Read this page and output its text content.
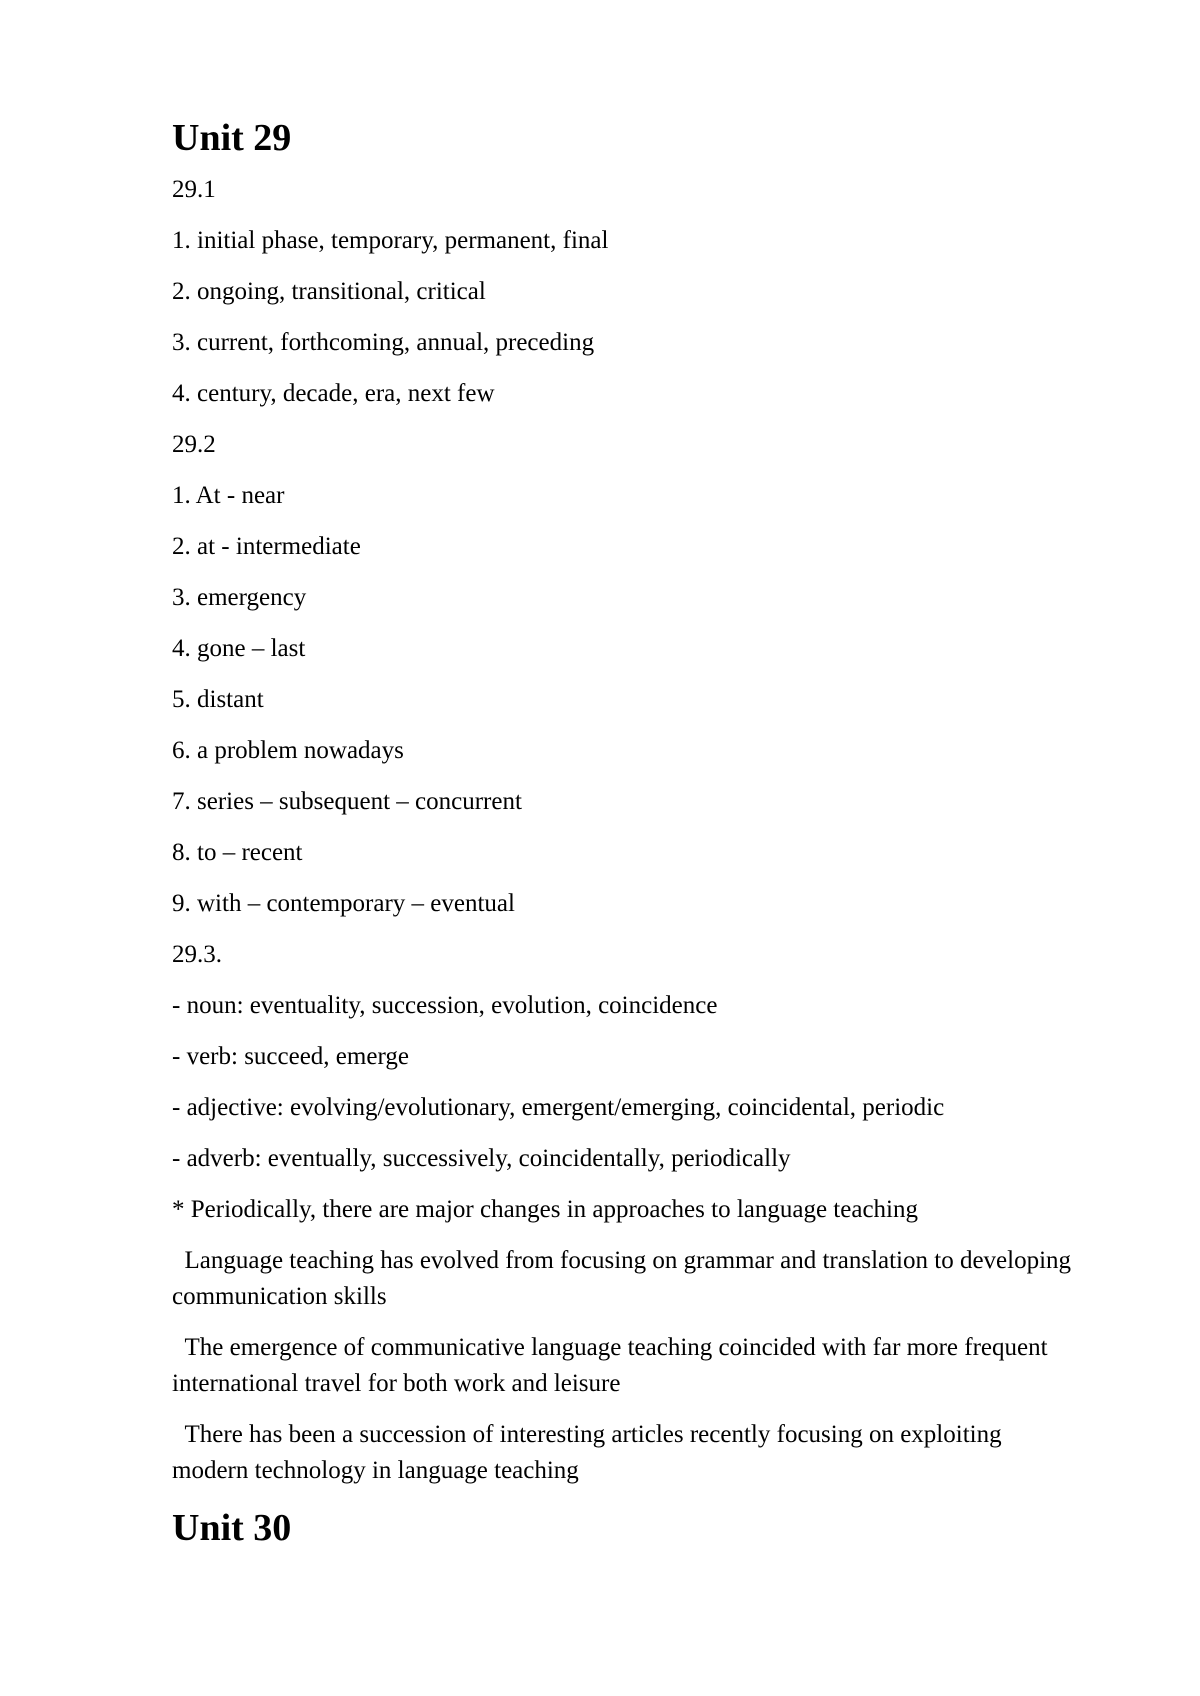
Unit 29
29.1
1. initial phase, temporary, permanent, final
2. ongoing, transitional, critical
3. current, forthcoming, annual, preceding
4. century, decade, era, next few
29.2
1. At - near
2. at - intermediate
3. emergency
4. gone – last
5. distant
6. a problem nowadays
7. series – subsequent – concurrent
8. to – recent
9. with – contemporary – eventual
29.3.
- noun: eventuality, succession, evolution, coincidence
- verb: succeed, emerge
- adjective: evolving/evolutionary, emergent/emerging, coincidental, periodic
- adverb: eventually, successively, coincidentally, periodically
* Periodically, there are major changes in approaches to language teaching
Language teaching has evolved from focusing on grammar and translation to developing communication skills
The emergence of communicative language teaching coincided with far more frequent international travel for both work and leisure
There has been a succession of interesting articles recently focusing on exploiting modern technology in language teaching
Unit 30
